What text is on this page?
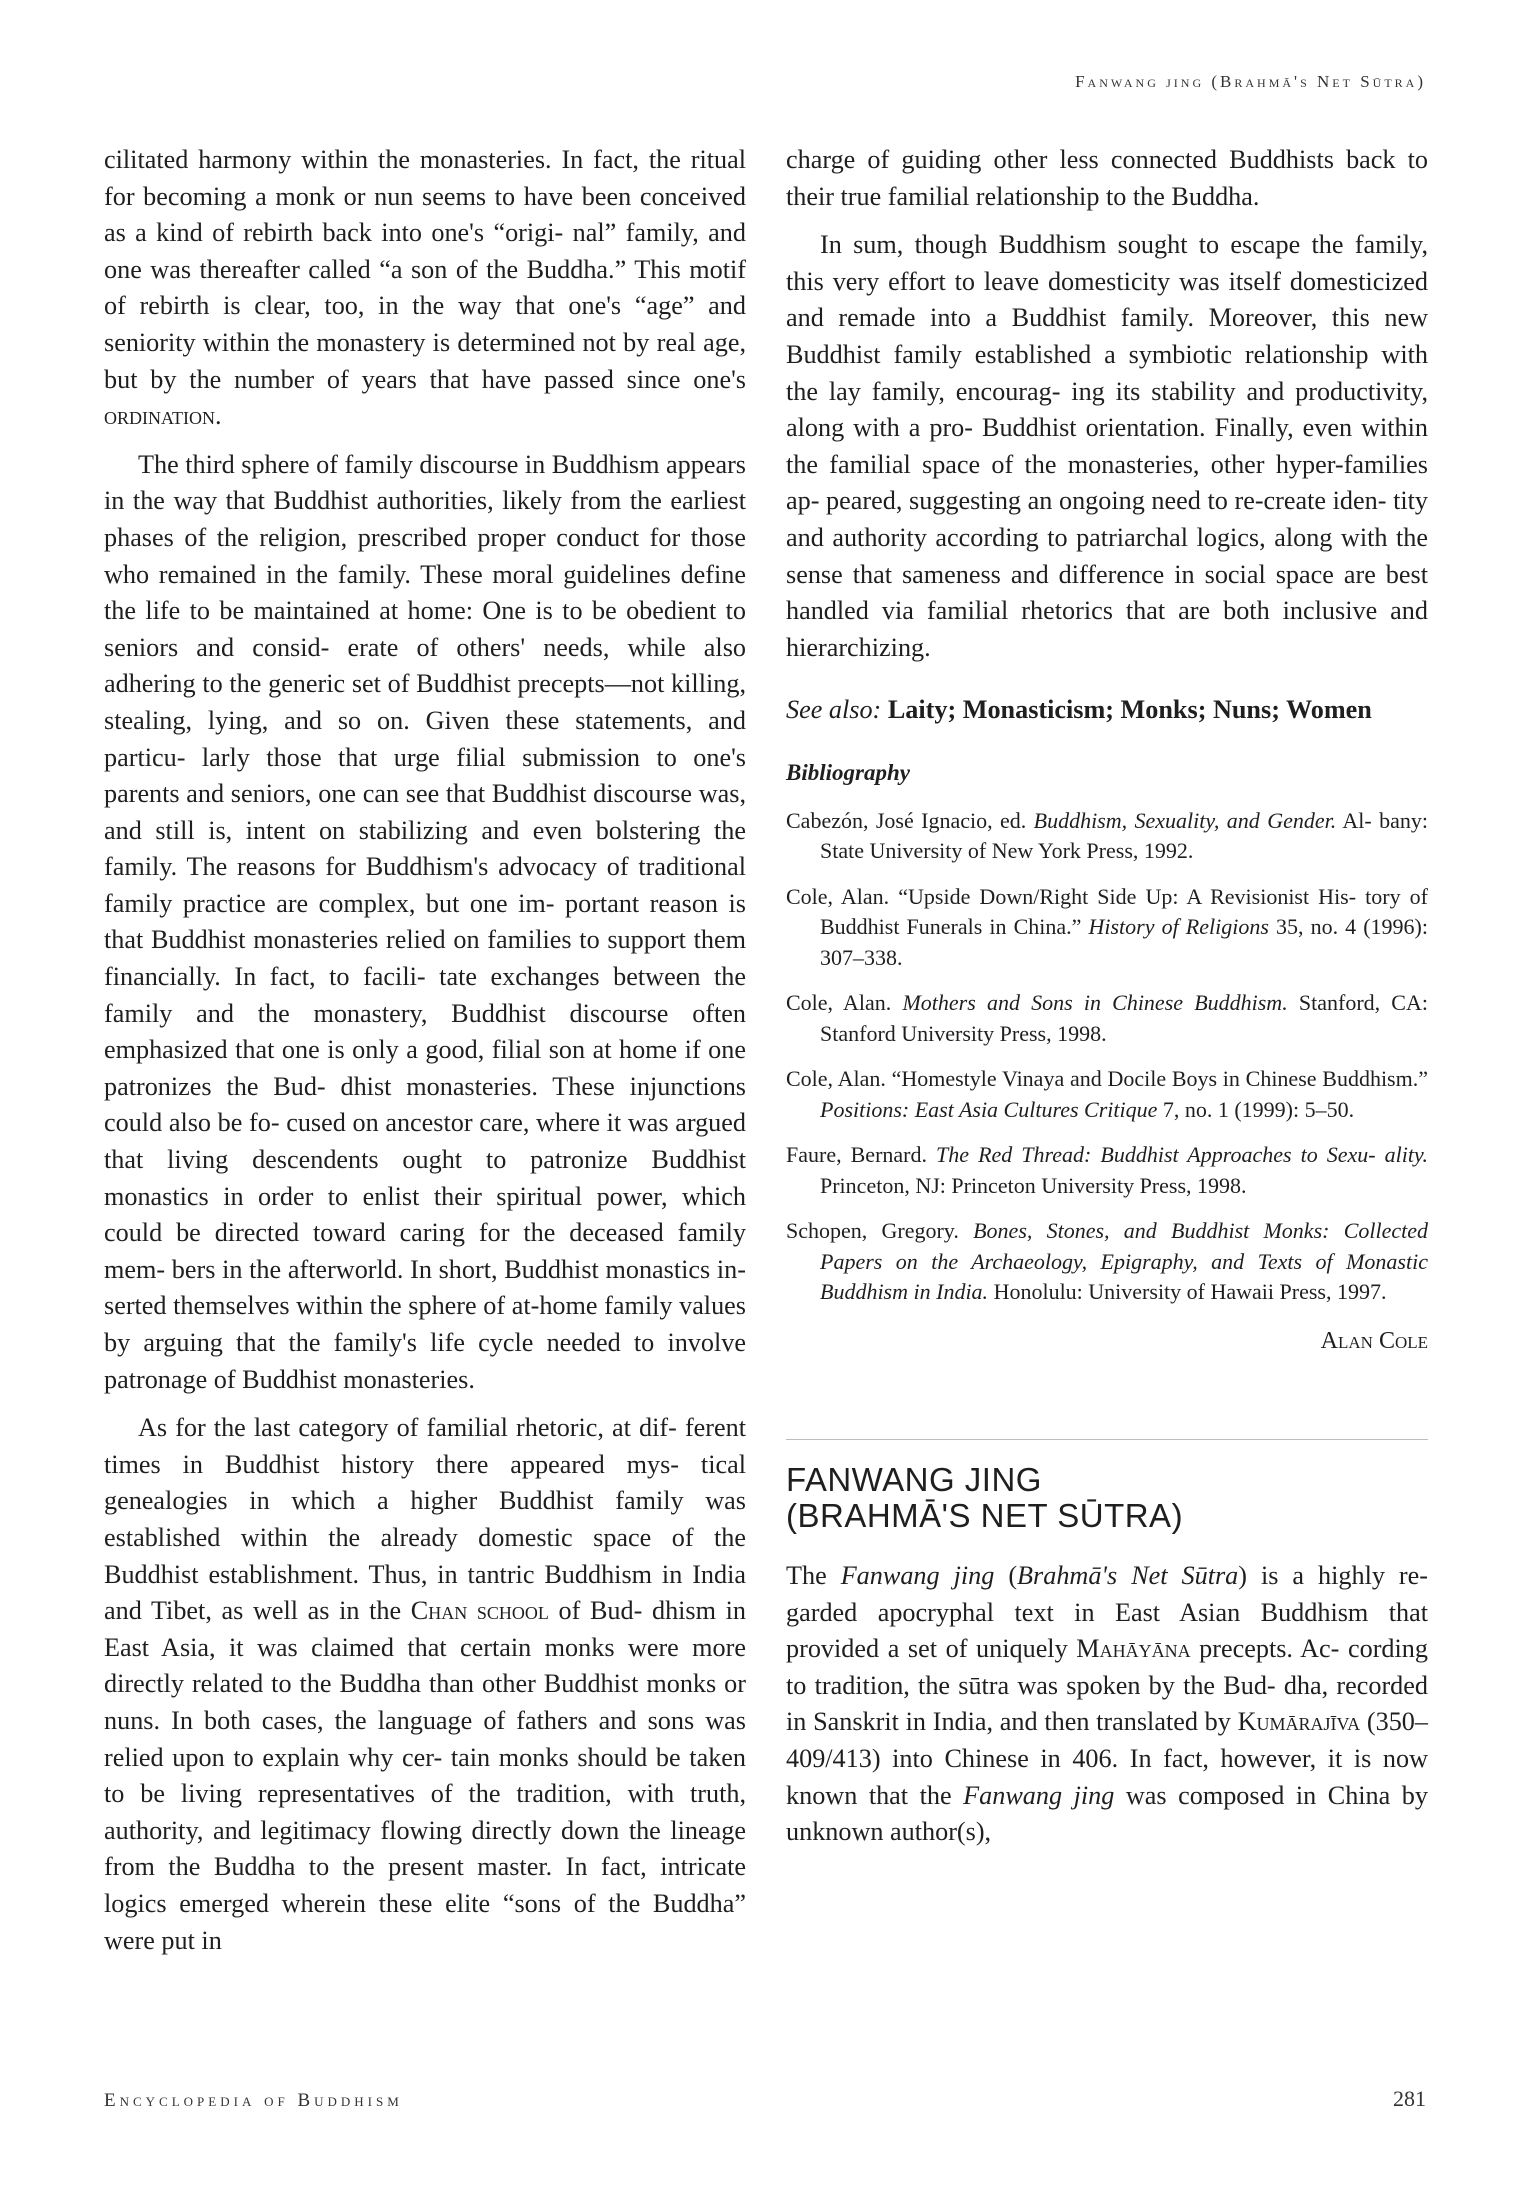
Fanwang jing (Brahmā's Net Sūtra)

cilitated harmony within the monasteries. In fact, the ritual for becoming a monk or nun seems to have been conceived as a kind of rebirth back into one's “origi- nal” family, and one was thereafter called “a son of the Buddha.” This motif of rebirth is clear, too, in the way that one's “age” and seniority within the monastery is determined not by real age, but by the number of years that have passed since one's ordination.

The third sphere of family discourse in Buddhism appears in the way that Buddhist authorities, likely from the earliest phases of the religion, prescribed proper conduct for those who remained in the family. These moral guidelines define the life to be maintained at home: One is to be obedient to seniors and consid- erate of others' needs, while also adhering to the generic set of Buddhist precepts—not killing, stealing, lying, and so on. Given these statements, and particu- larly those that urge filial submission to one's parents and seniors, one can see that Buddhist discourse was, and still is, intent on stabilizing and even bolstering the family. The reasons for Buddhism's advocacy of traditional family practice are complex, but one im- portant reason is that Buddhist monasteries relied on families to support them financially. In fact, to facili- tate exchanges between the family and the monastery, Buddhist discourse often emphasized that one is only a good, filial son at home if one patronizes the Bud- dhist monasteries. These injunctions could also be fo- cused on ancestor care, where it was argued that living descendents ought to patronize Buddhist monastics in order to enlist their spiritual power, which could be directed toward caring for the deceased family mem- bers in the afterworld. In short, Buddhist monastics in- serted themselves within the sphere of at-home family values by arguing that the family's life cycle needed to involve patronage of Buddhist monasteries.

As for the last category of familial rhetoric, at dif- ferent times in Buddhist history there appeared mys- tical genealogies in which a higher Buddhist family was established within the already domestic space of the Buddhist establishment. Thus, in tantric Buddhism in India and Tibet, as well as in the Chan school of Bud- dhism in East Asia, it was claimed that certain monks were more directly related to the Buddha than other Buddhist monks or nuns. In both cases, the language of fathers and sons was relied upon to explain why cer- tain monks should be taken to be living representatives of the tradition, with truth, authority, and legitimacy flowing directly down the lineage from the Buddha to the present master. In fact, intricate logics emerged wherein these elite “sons of the Buddha” were put in

charge of guiding other less connected Buddhists back to their true familial relationship to the Buddha.

In sum, though Buddhism sought to escape the family, this very effort to leave domesticity was itself domesticized and remade into a Buddhist family. Moreover, this new Buddhist family established a symbiotic relationship with the lay family, encourag- ing its stability and productivity, along with a pro- Buddhist orientation. Finally, even within the familial space of the monasteries, other hyper-families ap- peared, suggesting an ongoing need to re-create iden- tity and authority according to patriarchal logics, along with the sense that sameness and difference in social space are best handled via familial rhetorics that are both inclusive and hierarchizing.

See also: Laity; Monasticism; Monks; Nuns; Women

Bibliography
Cabezón, José Ignacio, ed. Buddhism, Sexuality, and Gender. Al- bany: State University of New York Press, 1992.
Cole, Alan. “Upside Down/Right Side Up: A Revisionist His- tory of Buddhist Funerals in China.” History of Religions 35, no. 4 (1996): 307–338.
Cole, Alan. Mothers and Sons in Chinese Buddhism. Stanford, CA: Stanford University Press, 1998.
Cole, Alan. “Homestyle Vinaya and Docile Boys in Chinese Buddhism.” Positions: East Asia Cultures Critique 7, no. 1 (1999): 5–50.
Faure, Bernard. The Red Thread: Buddhist Approaches to Sexu- ality. Princeton, NJ: Princeton University Press, 1998.
Schopen, Gregory. Bones, Stones, and Buddhist Monks: Collected Papers on the Archaeology, Epigraphy, and Texts of Monastic Buddhism in India. Honolulu: University of Hawaii Press, 1997.
Alan Cole
FANWANG JING
(BRAHMĀ'S NET SŪTRA)

The Fanwang jing (Brahmā's Net Sūtra) is a highly re- garded apocryphal text in East Asian Buddhism that provided a set of uniquely Mahāyāna precepts. Ac- cording to tradition, the sūtra was spoken by the Bud- dha, recorded in Sanskrit in India, and then translated by Kumārajīva (350–409/413) into Chinese in 406. In fact, however, it is now known that the Fanwang jing was composed in China by unknown author(s),

Encyclopedia of Buddhism	281
